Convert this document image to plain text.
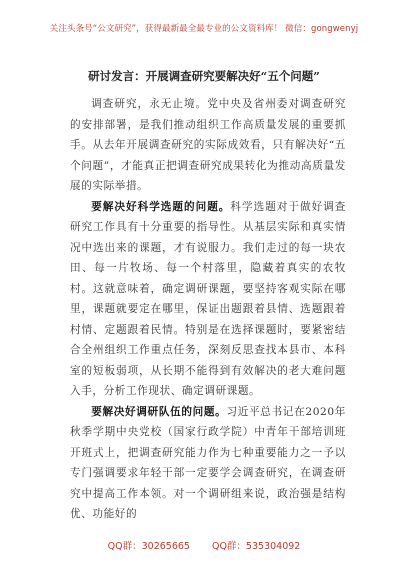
关注头条号“公文研究”，获得最新最全最专业的公文资料库！ 微信：gongwenyj
研讨发言：开展调查研究要解决好“五个问题”

调查研究，永无止境。党中央及省州委对调查研究的安排部署，是我们推动组织工作高质量发展的重要抓手。从去年开展调查研究的实际成效看，只有解决好“五个问题”，才能真正把调查研究成果转化为推动高质量发展的实际举措。

要解决好科学选题的问题。科学选题对于做好调查研究工作具有十分重要的指导性。从基层实际和真实情况中选出来的课题，才有说服力。我们走过的每一块农田、每一片牧场、每一个村落里，隐藏着真实的农牧村。这就意味着，确定调研课题，要坚持客观实际在哪里，课题就要定在哪里，保证出题跟着县情、选题跟着村情、定题跟着民情。特别是在选择课题时，要紧密结合全州组织工作重点任务，深刻反思查找本县市、本科室的短板弱项，从长期不能得到有效解决的老大难问题入手，分析工作现状、确定调研课题。

要解决好调研队伍的问题。习近平总书记在2020年秋季学期中央党校（国家行政学院）中青年干部培训班开班式上，把调查研究能力作为七种重要能力之一予以专门强调要求年轻干部一定要学会调查研究，在调查研究中提高工作本领。对一个调研组来说，政治强是结构优、功能好的

QQ群：30265665 QQ群：535304092
